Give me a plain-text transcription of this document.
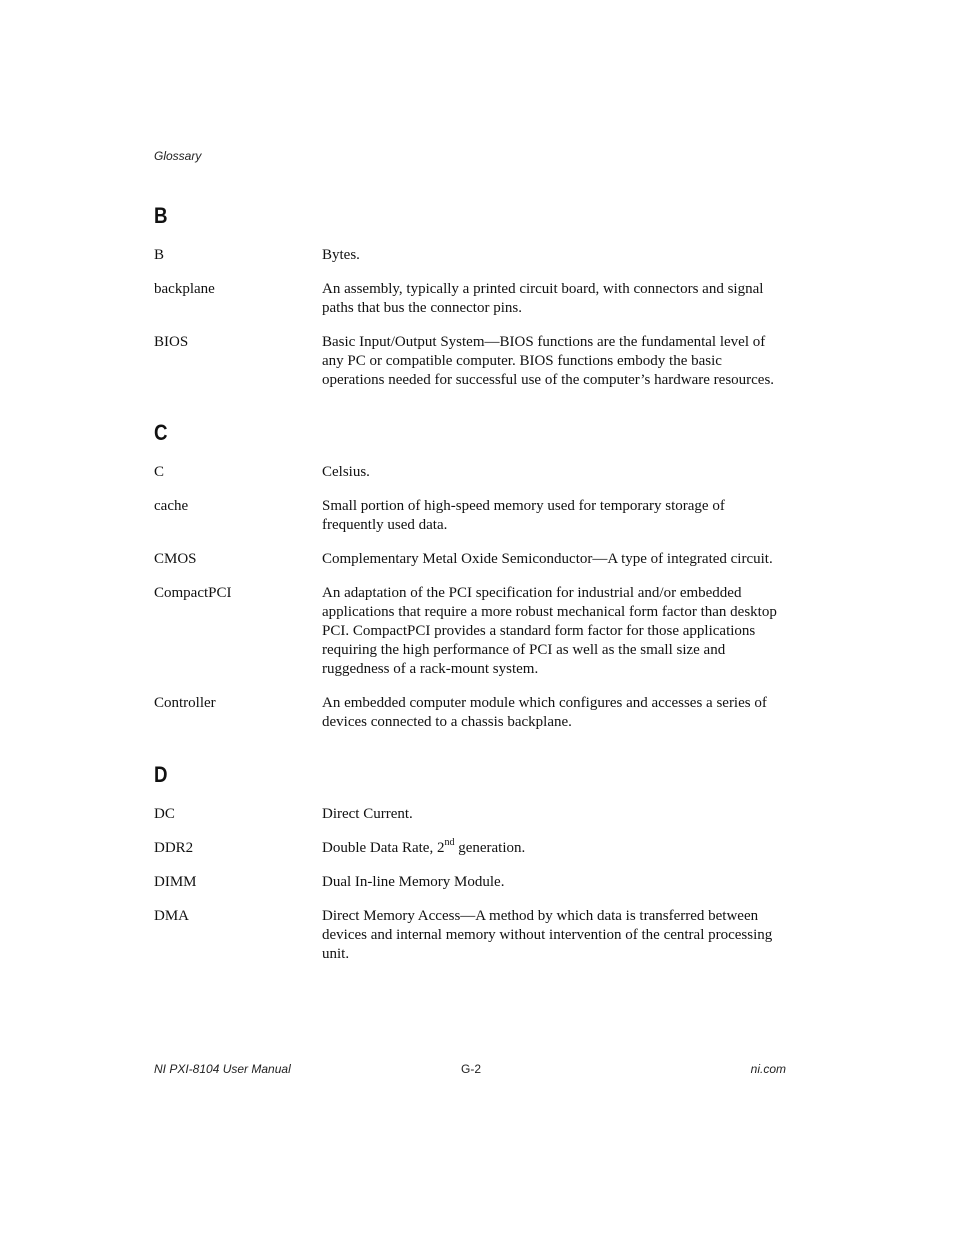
Glossary
B
B	Bytes.
backplane	An assembly, typically a printed circuit board, with connectors and signal paths that bus the connector pins.
BIOS	Basic Input/Output System—BIOS functions are the fundamental level of any PC or compatible computer. BIOS functions embody the basic operations needed for successful use of the computer’s hardware resources.
C
C	Celsius.
cache	Small portion of high-speed memory used for temporary storage of frequently used data.
CMOS	Complementary Metal Oxide Semiconductor—A type of integrated circuit.
CompactPCI	An adaptation of the PCI specification for industrial and/or embedded applications that require a more robust mechanical form factor than desktop PCI. CompactPCI provides a standard form factor for those applications requiring the high performance of PCI as well as the small size and ruggedness of a rack-mount system.
Controller	An embedded computer module which configures and accesses a series of devices connected to a chassis backplane.
D
DC	Direct Current.
DDR2	Double Data Rate, 2nd generation.
DIMM	Dual In-line Memory Module.
DMA	Direct Memory Access—A method by which data is transferred between devices and internal memory without intervention of the central processing unit.
NI PXI-8104 User Manual	G-2	ni.com
